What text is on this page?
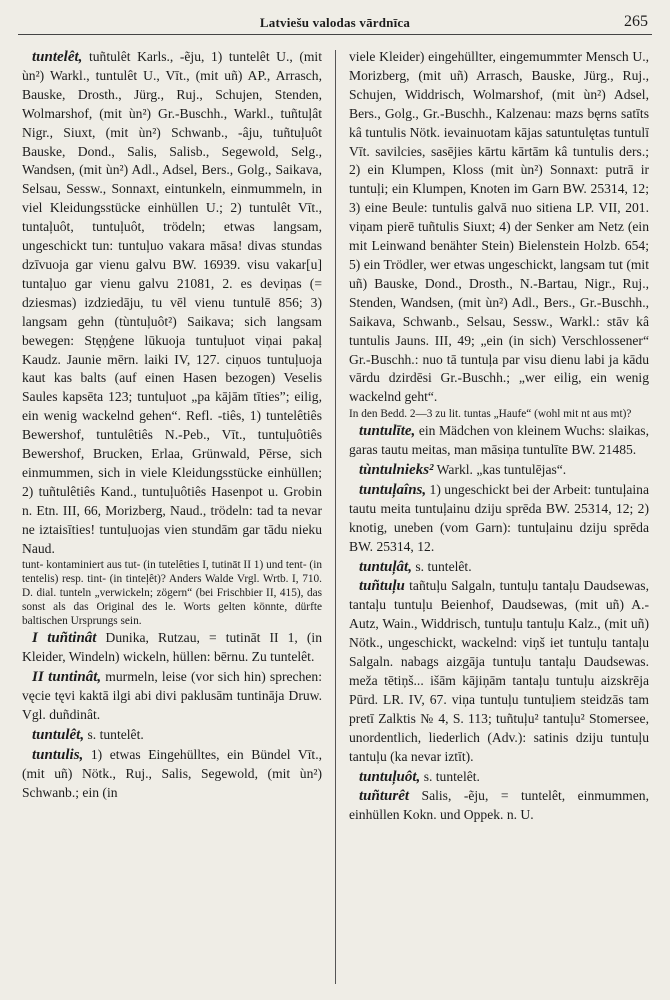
Latviešu valodas vārdnīca	265

tuntelêt, tuñtulêt Karls., -ẽju, 1) tuntelêt U., (mit ùn²) Warkl., tuntulêt U., Vīt., (mit uñ) AP., Arrasch, Bauske, Drosth., Jürg., Ruj., Schujen, Stenden, Wolmarshof, (mit ùn²) Gr.-Buschh., Warkl., tuñtuļât Nigr., Siuxt, (mit ùn²) Schwanb., -âju, tuñtuļuôt Bauske, Dond., Salis, Salisb., Segewold, Selg., Wandsen, (mit ùn²) Adl., Adsel, Bers., Golg., Saikava, Selsau, Sessw., Sonnaxt, eintunkeln, einmummeln, in viel Kleidungsstücke einhüllen U.; 2) tuntulêt Vīt., tuntaļuôt, tuntuļuôt, trödeln; etwas langsam, ungeschickt tun: tuntuļuo vakara māsa! divas stundas dzīvuoja gar vienu galvu BW. 16939. visu vakar[u] tuntaļuo gar vienu galvu 21081, 2. es deviņas (= dziesmas) izdziedāju, tu vēl vienu tuntulē 856; 3) langsam gehn (tùntuļuôt²) Saikava; sich langsam bewegen: Stęņģene lūkuoja tuntuļuot viņai pakaļ Kaudz. Jaunie mērn. laiki IV, 127. ciņuos tuntuļuoja kaut kas balts (auf einen Hasen bezogen) Veselis Saules kapsēta 123; tuntuļuot „pa kājām tītiesˮ; eilig, ein wenig wackelnd gehen“. Refl. -tiês, 1) tuntelêtiês Bewershof, tuntulêtiês N.-Peb., Vīt., tuntuļuôtiês Bewershof, Brucken, Erlaa, Grünwald, Pērse, sich einmummen, sich in viele Kleidungsstücke einhüllen; 2) tuñtulêtiês Kand., tuntuļuôtiês Hasenpot u. Grobin n. Etn. III, 66, Morizberg, Naud., trödeln: tad ta nevar ne iztaisīties! tuntuļuojas vien stundām gar tādu nieku Naud.
tunt- kontaminiert aus tut- (in tutelêties I, tutināt II 1) und tent- (in tentelis) resp. tint- (in tinteļêt)? Anders Walde Vrgl. Wrtb. I, 710. D. dial. tunteln „verwickeln; zögern“ (bei Frischbier II, 415), das sonst als das Original des le. Worts gelten könnte, dürfte baltischen Ursprungs sein.

I tuñtinât Dunika, Rutzau, = tutināt II 1, (in Kleider, Windeln) wickeln, hüllen: bērnu. Zu tuntelêt.

II tuntinât, murmeln, leise (vor sich hin) sprechen: vęcie tęvi kaktā ilgi abi divi paklusām tuntināja Druw. Vgl. duñdinât.

tuntulêt, s. tuntelêt.

tuntulis, 1) etwas Eingehülltes, ein Bündel Vīt., (mit uñ) Nötk., Ruj., Salis, Segewold, (mit ùn²) Schwanb.; ein (in

viele Kleider) eingehüllter, eingemummter Mensch U., Morizberg, (mit uñ) Arrasch, Bauske, Jürg., Ruj., Schujen, Widdrisch, Wolmarshof, (mit ùn²) Adsel, Bers., Golg., Gr.-Buschh., Kalzenau: mazs bęrns satīts kâ tuntulis Nötk. ievainuotam kājas satuntulętas tuntulī Vīt. savilcies, sasējies kārtu kārtām kâ tuntulis ders.; 2) ein Klumpen, Kloss (mit ùn²) Sonnaxt: putrā ir tuntuļi; ein Klumpen, Knoten im Garn BW. 25314, 12; 3) eine Beule: tuntulis galvā nuo sitiena LP. VII, 201. viņam pierē tuñtulis Siuxt; 4) der Senker am Netz (ein mit Leinwand benähter Stein) Bielenstein Holzb. 654; 5) ein Trödler, wer etwas ungeschickt, langsam tut (mit uñ) Bauske, Dond., Drosth., N.-Bartau, Nigr., Ruj., Stenden, Wandsen, (mit ùn²) Adl., Bers., Gr.-Buschh., Saikava, Schwanb., Selsau, Sessw., Warkl.: stāv kâ tuntulis Jauns. III, 49; „ein (in sich) Verschlossener“ Gr.-Buschh.: nuo tā tuntuļa par visu dienu labi ja kādu vārdu dzirdēsi Gr.-Buschh.; „wer eilig, ein wenig wackelnd geht“.
In den Bedd. 2—3 zu lit. tuntas „Haufe“ (wohl mit nt aus mt)?

tuntulīte, ein Mädchen von kleinem Wuchs: slaikas, garas tautu meitas, man māsiņa tuntulīte BW. 21485.

tùntulnieks² Warkl. „kas tuntulējas“.

tuntuļaîns, 1) ungeschickt bei der Arbeit: tuntuļaina tautu meita tuntuļainu dziju sprēda BW. 25314, 12; 2) knotig, uneben (vom Garn): tuntuļainu dziju sprēda BW. 25314, 12.

tuntuļât, s. tuntelêt.

tuñtuļu tañtuļu Salgaln, tuntuļu tantaļu Daudsewas, tantaļu tuntuļu Beienhof, Daudsewas, (mit uñ) A.-Autz, Wain., Widdrisch, tuntuļu tantuļu Kalz., (mit uñ) Nötk., ungeschickt, wackelnd: viņš iet tuntuļu tantaļu Salgaln. nabags aizgāja tuntuļu tantaļu Daudsewas. meža tētiņš... išām kājiņām tantaļu tuntuļu aizskrēja Pūrd. LR. IV, 67. viņa tuntuļu tuntuļiem steidzās tam pretī Zalktis № 4, S. 113; tuñtuļu² tantuļu² Stomersee, unordentlich, liederlich (Adv.): satinis dziju tuntuļu tantuļu (ka nevar iztīt).

tuntuļuôt, s. tuntelêt.

tuñturêt Salis, -ẽju, = tuntelêt, einmummen, einhüllen Kokn. und Oppek. n. U.
